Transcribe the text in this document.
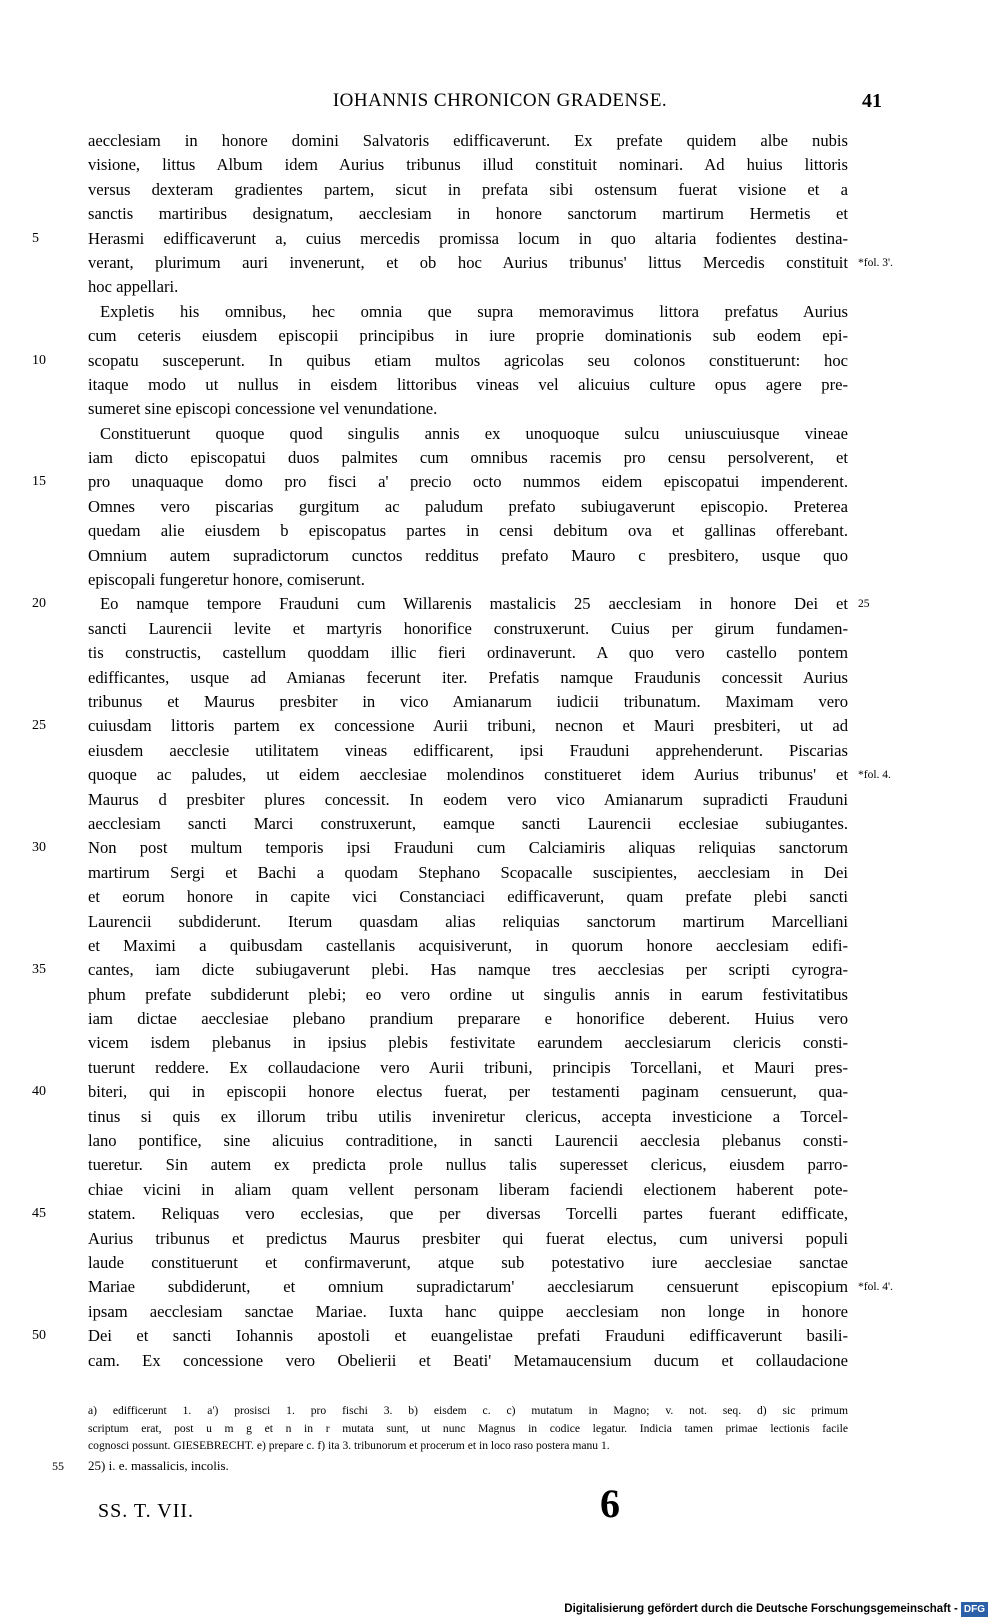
IOHANNIS CHRONICON GRADENSE.	41
aecclesiam in honore domini Salvatoris edifficaverunt. Ex prefate quidem albe nubis
visione, littus Album idem Aurius tribunus illud constituit nominari. Ad huius littoris
versus dexteram gradientes partem, sicut in prefata sibi ostensum fuerat visione et a
sanctis martiribus designatum, aecclesiam in honore sanctorum martirum Hermetis et
5	Herasmi edifficaverunt a, cuius mercedis promissa locum in quo altaria fodientes destina-
verant, plurimum auri invenerunt, et ob hoc Aurius tribunus' littus Mercedis constituit *fol. 3'.
hoc appellari.
Expletis his omnibus, hec omnia que supra memoravimus littora prefatus Aurius
cum ceteris eiusdem episcopii principibus in iure proprie dominationis sub eodem epi-
10	scopatu susceperunt. In quibus etiam multos agricolas seu colonos constituerunt: hoc
itaque modo ut nullus in eisdem littoribus vineas vel alicuius culture opus agere pre-
sumeret sine episcopi concessione vel venundatione.
Constituerunt quoque quod singulis annis ex unoquoque sulcu uniuscuiusque vineae
iam dicto episcopatui duos palmites cum omnibus racemis pro censu persolverent, et
15	pro unaquaque domo pro fisci a' precio octo nummos eidem episcopatui impenderent.
Omnes vero piscarias gurgitum ac paludum prefato subiugaverunt episcopio. Preterea
quedam alie eiusdem b episcopatus partes in censi debitum ova et gallinas offerebant.
Omnium autem supradictorum cunctos redditus prefato Mauro c presbitero, usque quo
episcopali fungeretur honore, comiserunt.
20	Eo namque tempore Frauduni cum Willarenis mastalicis 25 aecclesiam in honore Dei et 25
sancti Laurencii levite et martyris honorifice construxerunt. Cuius per girum fundamen-
tis constructis, castellum quoddam illic fieri ordinaverunt. A quo vero castello pontem
edifficantes, usque ad Amianas fecerunt iter. Prefatis namque Fraudunis concessit Aurius
tribunus et Maurus presbiter in vico Amianarum iudicii tribunatum. Maximam vero
25	cuiusdam littoris partem ex concessione Aurii tribuni, necnon et Mauri presbiteri, ut ad
eiusdem aecclesie utilitatem vineas edifficarent, ipsi Frauduni apprehenderunt. Piscarias
quoque ac paludes, ut eidem aecclesiae molendinos constitueret idem Aurius tribunus' et *fol. 4.
Maurus d presbiter plures concessit. In eodem vero vico Amianarum supradicti Frauduni
aecclesiam sancti Marci construxerunt, eamque sancti Laurencii ecclesiae subiugantes.
30	Non post multum temporis ipsi Frauduni cum Calciamiris aliquas reliquias sanctorum
martirum Sergi et Bachi a quodam Stephano Scopacalle suscipientes, aecclesiam in Dei
et eorum honore in capite vici Constanciaci edifficaverunt, quam prefate plebi sancti
Laurencii subdiderunt. Iterum quasdam alias reliquias sanctorum martirum Marcelliani
et Maximi a quibusdam castellanis acquisiverunt, in quorum honore aecclesiam edifi-
35	cantes, iam dicte subiugaverunt plebi. Has namque tres aecclesias per scripti cyrogra-
phum prefate subdiderunt plebi; eo vero ordine ut singulis annis in earum festivitatibus
iam dictae aecclesiae plebano prandium preparare e honorifice deberent. Huius vero
vicem isdem plebanus in ipsius plebis festivitate earundem aecclesiarum clericis consti-
tuerunt reddere. Ex collaudacione vero Aurii tribuni, principis Torcellani, et Mauri pres-
40	biteri, qui in episcopii honore electus fuerat, per testamenti paginam censuerunt, qua-
tinus si quis ex illorum tribu utilis inveniretur clericus, accepta investicione a Torcel-
lano pontifice, sine alicuius contraditione, in sancti Laurencii aecclesia plebanus consti-
tueretur. Sin autem ex predicta prole nullus talis superesset clericus, eiusdem parro-
chiae vicini in aliam quam vellent personam liberam faciendi electionem haberent pote-
45	statem. Reliquas vero ecclesias, que per diversas Torcelli partes fuerant edifficate,
Aurius tribunus et predictus Maurus presbiter qui fuerat electus, cum universi populi
laude constituerunt et confirmaverunt, atque sub potestativo iure aecclesiae sanctae
Mariae subdiderunt, et omnium supradictarum' aecclesiarum censuerunt episcopium *fol. 4'.
ipsam aecclesiam sanctae Mariae. Iuxta hanc quippe aecclesiam non longe in honore
50	Dei et sancti Iohannis apostoli et euangelistae prefati Frauduni edifficaverunt basili-
cam. Ex concessione vero Obelierii et Beati' Metamaucensium ducum et collaudacione
a) edifficerunt 1. a') prosisci 1. pro fischi 3. b) eisdem c. c) mutatum in Magno; v. not. seq. d) sic primum
scriptum erat, post u m g et n in r mutata sunt, ut nunc Magnus in codice legatur. Indicia tamen primae lectionis facile
cognosci possunt. GIESEBRECHT. e) prepare c. f) ita 3. tribunorum et procerum et in loco raso postera manu 1.
55 25) i. e. massalicis, incolis.
SS. T. VII.	6
Digitalisierung gefördert durch die Deutsche Forschungsgemeinschaft - DFG
